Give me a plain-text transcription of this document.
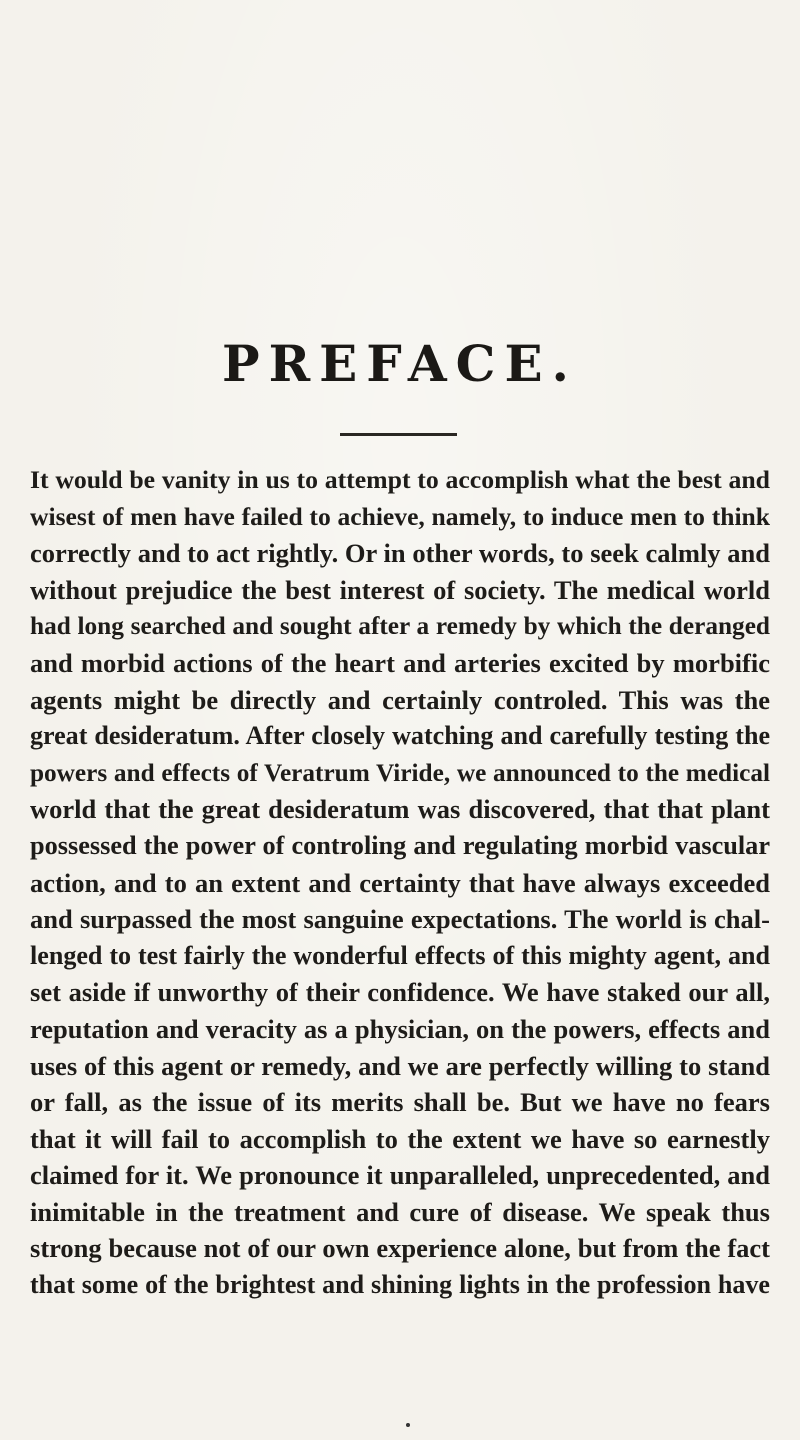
PREFACE.
It would be vanity in us to attempt to accomplish what the best and
wisest of men have failed to achieve, namely, to induce men to think
correctly and to act rightly. Or in other words, to seek calmly and
without prejudice the best interest of society. The medical world
had long searched and sought after a remedy by which the deranged
and morbid actions of the heart and arteries excited by morbific
agents might be directly and certainly controled. This was the
great desideratum. After closely watching and carefully testing the
powers and effects of Veratrum Viride, we announced to the medical
world that the great desideratum was discovered, that that plant
possessed the power of controling and regulating morbid vascular
action, and to an extent and certainty that have always exceeded
and surpassed the most sanguine expectations. The world is chal-
lenged to test fairly the wonderful effects of this mighty agent, and
set aside if unworthy of their confidence. We have staked our all,
reputation and veracity as a physician, on the powers, effects and
uses of this agent or remedy, and we are perfectly willing to stand
or fall, as the issue of its merits shall be. But we have no fears
that it will fail to accomplish to the extent we have so earnestly
claimed for it. We pronounce it unparalleled, unprecedented, and
inimitable in the treatment and cure of disease. We speak thus
strong because not of our own experience alone, but from the fact
that some of the brightest and shining lights in the profession have
